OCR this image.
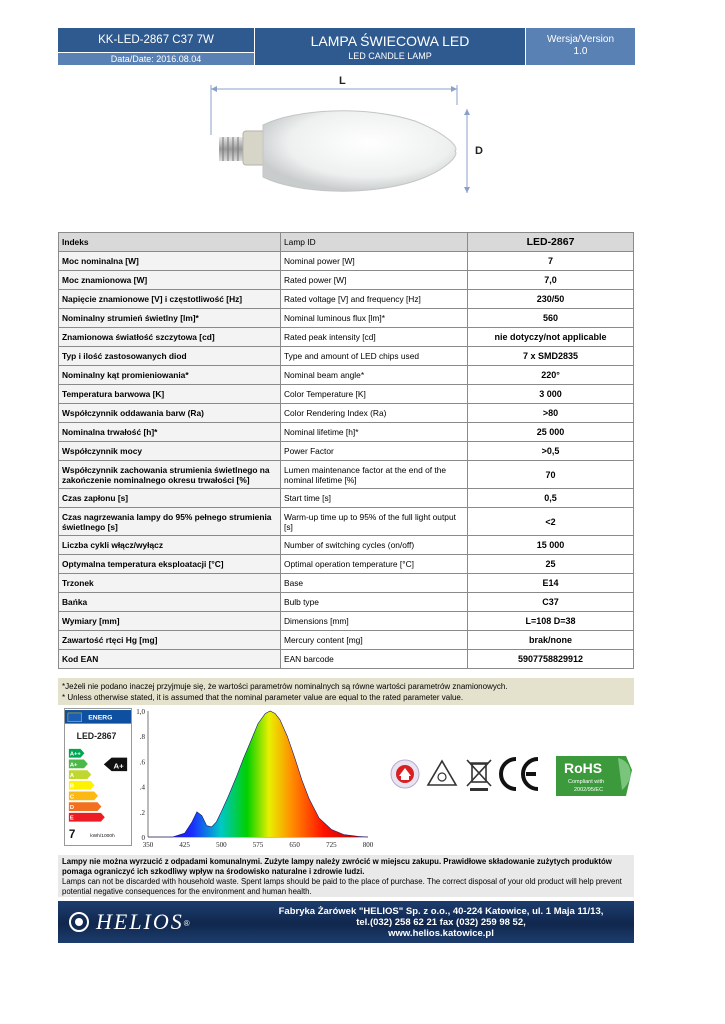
KK-LED-2867 C37 7W
Data/Date: 2016.08.04
LAMPA ŚWIECOWA LED
LED CANDLE LAMP
Wersja/Version
1.0
L
D
Indeks	Lamp ID	LED-2867
Moc nominalna [W]	Nominal power [W]	7
Moc znamionowa [W]	Rated power [W]	7,0
Napięcie znamionowe [V] i częstotliwość [Hz]	Rated voltage [V] and frequency [Hz]	230/50
Nominalny strumień świetlny [lm]*	Nominal luminous flux [lm]*	560
Znamionowa światłość szczytowa [cd]	Rated peak intensity [cd]	nie dotyczy/not applicable
Typ i ilość zastosowanych diod	Type and amount of LED chips used	7 x SMD2835
Nominalny kąt promieniowania*	Nominal beam angle*	220°
Temperatura barwowa [K]	Color Temperature [K]	3 000
Współczynnik oddawania barw (Ra)	Color Rendering Index (Ra)	>80
Nominalna trwałość [h]*	Nominal lifetime [h]*	25 000
Współczynnik mocy	Power Factor	>0,5
Współczynnik zachowania strumienia świetlnego na zakończenie nominalnego okresu trwałości [%]	Lumen maintenance factor at the end of the nominal lifetime [%]	70
Czas zapłonu [s]	Start time [s]	0,5
Czas nagrzewania lampy do 95% pełnego strumienia świetlnego [s]	Warm-up time up to 95% of the full light output [s]	<2
Liczba cykli włącz/wyłącz	Number of switching cycles (on/off)	15 000
Optymalna temperatura eksploatacji [°C]	Optimal operation temperature [°C]	25
Trzonek	Base	E14
Bańka	Bulb type	C37
Wymiary [mm]	Dimensions [mm]	L=108 D=38
Zawartość rtęci Hg [mg]	Mercury content [mg]	brak/none
Kod EAN	EAN barcode	5907758829912
*Jeżeli nie podano inaczej przyjmuje się, że wartości parametrów nominalnych są równe wartości parametrów znamionowych.
* Unless otherwise stated, it is assumed that the nominal parameter value are equal to the rated parameter value.
ENERG
LED-2867
A++
A+
A
B
C
D
E
A+
7	kWh/1000h
350	425	500	575	650	725	800
.2
.4
.6
.8
1,0
0
RoHS
Compliant with
2002/95/EC
Lampy nie można wyrzucić z odpadami komunalnymi. Zużyte lampy należy zwrócić w miejscu zakupu. Prawidłowe składowanie zużytych produktów pomaga ograniczyć ich szkodliwy wpływ na środowisko naturalne i zdrowie ludzi.
Lamps can not be discarded with household waste. Spent lamps should be paid to the place of purchase. The correct disposal of your old product will help prevent potential negative consequences for the environment and human health.
HELIOS ®
Fabryka Żarówek "HELIOS" Sp. z o.o., 40-224 Katowice, ul. 1 Maja 11/13,
tel.(032) 258 62 21 fax (032) 259 98 52,
www.helios.katowice.pl
